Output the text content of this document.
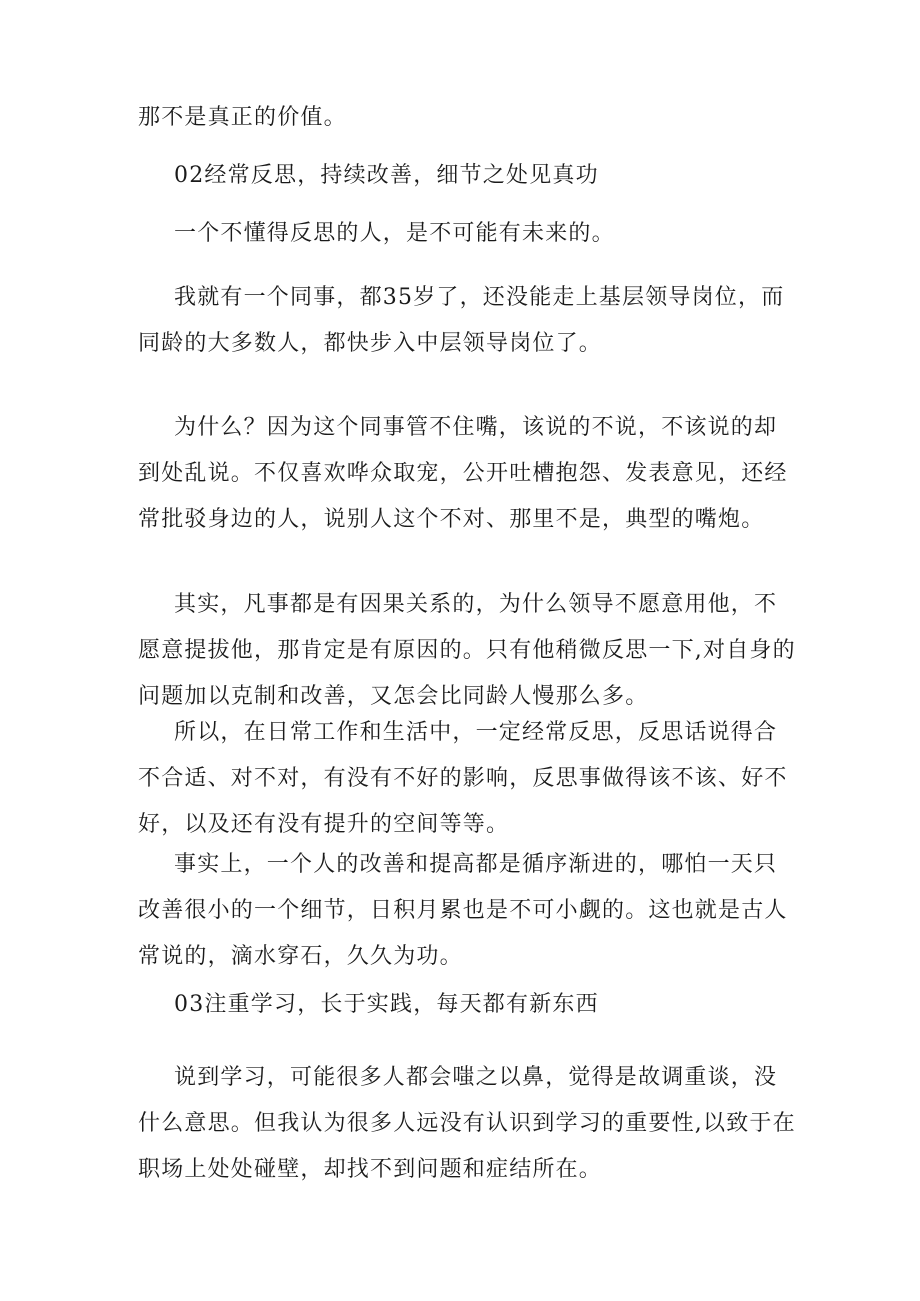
那不是真正的价值。

02经常反思，持续改善，细节之处见真功

一个不懂得反思的人，是不可能有未来的。

我就有一个同事，都35岁了，还没能走上基层领导岗位，而同龄的大多数人，都快步入中层领导岗位了。

为什么？因为这个同事管不住嘴，该说的不说，不该说的却到处乱说。不仅喜欢哗众取宠，公开吐槽抱怨、发表意见，还经常批驳身边的人，说别人这个不对、那里不是，典型的嘴炮。

其实，凡事都是有因果关系的，为什么领导不愿意用他，不愿意提拔他，那肯定是有原因的。只有他稍微反思一下,对自身的问题加以克制和改善，又怎会比同龄人慢那么多。

所以，在日常工作和生活中，一定经常反思，反思话说得合不合适、对不对，有没有不好的影响，反思事做得该不该、好不好，以及还有没有提升的空间等等。

事实上，一个人的改善和提高都是循序渐进的，哪怕一天只改善很小的一个细节，日积月累也是不可小觑的。这也就是古人常说的，滴水穿石，久久为功。

03注重学习，长于实践，每天都有新东西

说到学习，可能很多人都会嗤之以鼻，觉得是故调重谈，没什么意思。但我认为很多人远没有认识到学习的重要性,以致于在职场上处处碰壁，却找不到问题和症结所在。
